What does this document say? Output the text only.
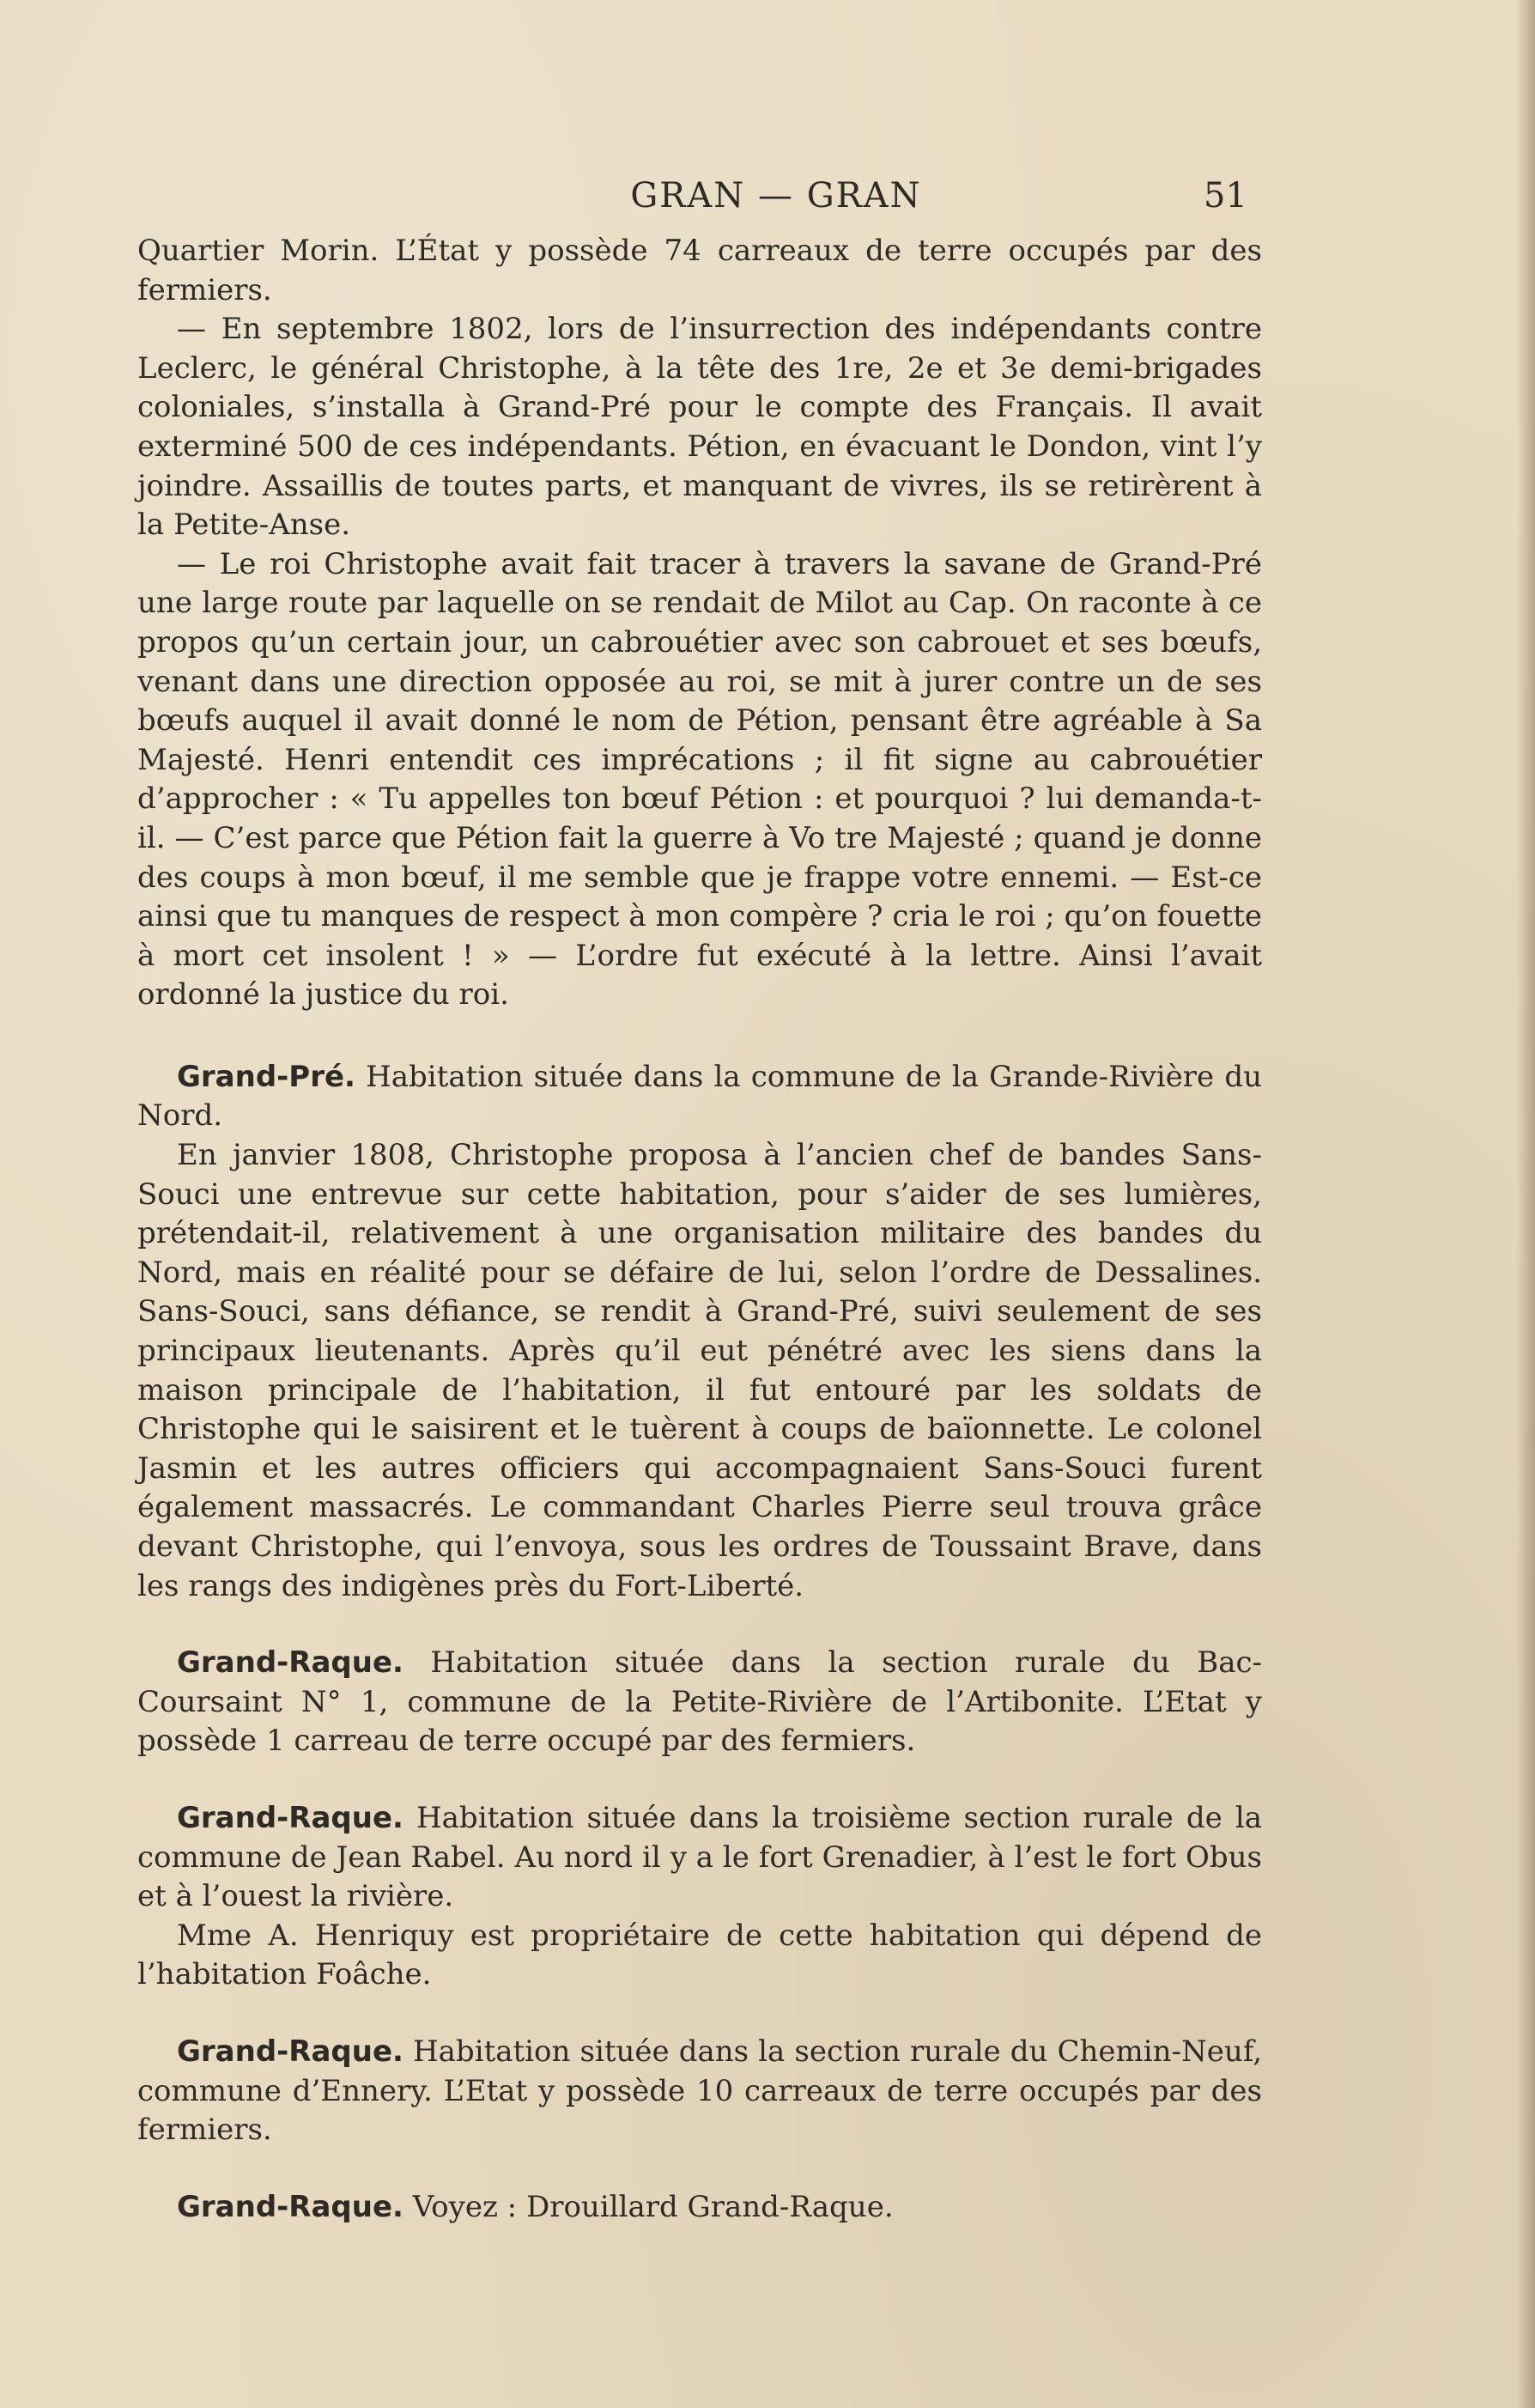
GRAN — GRAN	51

Quartier Morin. L’État y possède 74 carreaux de terre occupés par des fermiers.

— En septembre 1802, lors de l’insurrection des indépendants contre Leclerc, le général Christophe, à la tête des 1re, 2e et 3e demi-brigades coloniales, s’installa à Grand-Pré pour le compte des Français. Il avait exterminé 500 de ces indépendants. Pétion, en évacuant le Dondon, vint l’y joindre. Assaillis de toutes parts, et manquant de vivres, ils se retirèrent à la Petite-Anse.

— Le roi Christophe avait fait tracer à travers la savane de Grand-Pré une large route par laquelle on se rendait de Milot au Cap. On raconte à ce propos qu’un certain jour, un cabrouétier avec son cabrouet et ses bœufs, venant dans une direction opposée au roi, se mit à jurer contre un de ses bœufs auquel il avait donné le nom de Pétion, pensant être agréable à Sa Majesté. Henri entendit ces imprécations ; il fit signe au cabrouétier d’approcher : « Tu appelles ton bœuf Pétion : et pourquoi ? lui demanda-t-il. — C’est parce que Pétion fait la guerre à Vo tre Majesté ; quand je donne des coups à mon bœuf, il me semble que je frappe votre ennemi. — Est-ce ainsi que tu manques de respect à mon compère ? cria le roi ; qu’on fouette à mort cet insolent ! » — L’ordre fut exécuté à la lettre. Ainsi l’avait ordonné la justice du roi.

Grand-Pré. Habitation située dans la commune de la Grande-Rivière du Nord.

En janvier 1808, Christophe proposa à l’ancien chef de bandes Sans-Souci une entrevue sur cette habitation, pour s’aider de ses lumières, prétendait-il, relativement à une organisation militaire des bandes du Nord, mais en réalité pour se défaire de lui, selon l’ordre de Dessalines. Sans-Souci, sans défiance, se rendit à Grand-Pré, suivi seulement de ses principaux lieutenants. Après qu’il eut pénétré avec les siens dans la maison principale de l’habitation, il fut entouré par les soldats de Christophe qui le saisirent et le tuèrent à coups de baïonnette. Le colonel Jasmin et les autres officiers qui accompagnaient Sans-Souci furent également massacrés. Le commandant Charles Pierre seul trouva grâce devant Christophe, qui l’envoya, sous les ordres de Toussaint Brave, dans les rangs des indigènes près du Fort-Liberté.

Grand-Raque. Habitation située dans la section rurale du Bac-Coursaint N° 1, commune de la Petite-Rivière de l’Artibonite. L’Etat y possède 1 carreau de terre occupé par des fermiers.

Grand-Raque. Habitation située dans la troisième section rurale de la commune de Jean Rabel. Au nord il y a le fort Grenadier, à l’est le fort Obus et à l’ouest la rivière.

Mme A. Henriquy est propriétaire de cette habitation qui dépend de l’habitation Foâche.

Grand-Raque. Habitation située dans la section rurale du Chemin-Neuf, commune d’Ennery. L’Etat y possède 10 carreaux de terre occupés par des fermiers.

Grand-Raque. Voyez : Drouillard Grand-Raque.
